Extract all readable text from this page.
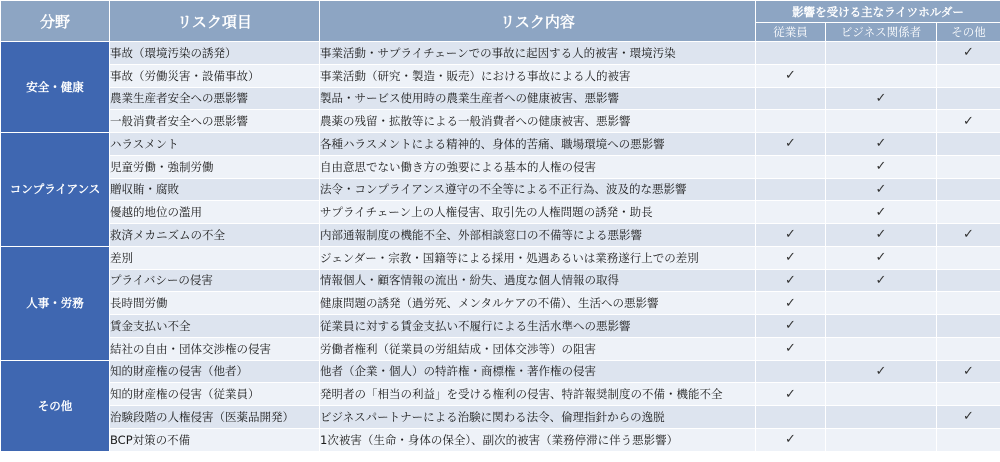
分野	リスク項目	リスク内容	影響を受ける主なライツホルダー		
			従業員	ビジネス関係者	その他
安全・健康	事故（環境汚染の誘発）	事業活動・サプライチェーンでの事故に起因する人的被害・環境汚染			✓
	事故（労働災害・設備事故）	事業活動（研究・製造・販売）における事故による人的被害	✓		
	農業生産者安全への悪影響	製品・サービス使用時の農業生産者への健康被害、悪影響		✓	
	一般消費者安全への悪影響	農薬の残留・拡散等による一般消費者への健康被害、悪影響			✓
コンプライアンス	ハラスメント	各種ハラスメントによる精神的、身体的苦痛、職場環境への悪影響	✓	✓	
	児童労働・強制労働	自由意思でない働き方の強要による基本的人権の侵害		✓	
	贈収賄・腐敗	法令・コンプライアンス遵守の不全等による不正行為、波及的な悪影響		✓	
	優越的地位の濫用	サプライチェーン上の人権侵害、取引先の人権問題の誘発・助長		✓	
	救済メカニズムの不全	内部通報制度の機能不全、外部相談窓口の不備等による悪影響	✓	✓	✓
人事・労務	差別	ジェンダー・宗教・国籍等による採用・処遇あるいは業務遂行上での差別	✓	✓	
	プライバシーの侵害	情報個人・顧客情報の流出・紛失、過度な個人情報の取得	✓	✓	
	長時間労働	健康問題の誘発（過労死、メンタルケアの不備）、生活への悪影響	✓		
	賃金支払い不全	従業員に対する賃金支払い不履行による生活水準への悪影響	✓		
	結社の自由・団体交渉権の侵害	労働者権利（従業員の労組結成・団体交渉等）の阻害	✓		
その他	知的財産権の侵害（他者）	他者（企業・個人）の特許権・商標権・著作権の侵害		✓	✓
	知的財産権の侵害（従業員）	発明者の「相当の利益」を受ける権利の侵害、特許報奨制度の不備・機能不全	✓		
	治験段階の人権侵害（医薬品開発）	ビジネスパートナーによる治験に関わる法令、倫理指針からの逸脱			✓
	BCP対策の不備	1次被害（生命・身体の保全）、副次的被害（業務停滞に伴う悪影響）	✓		
